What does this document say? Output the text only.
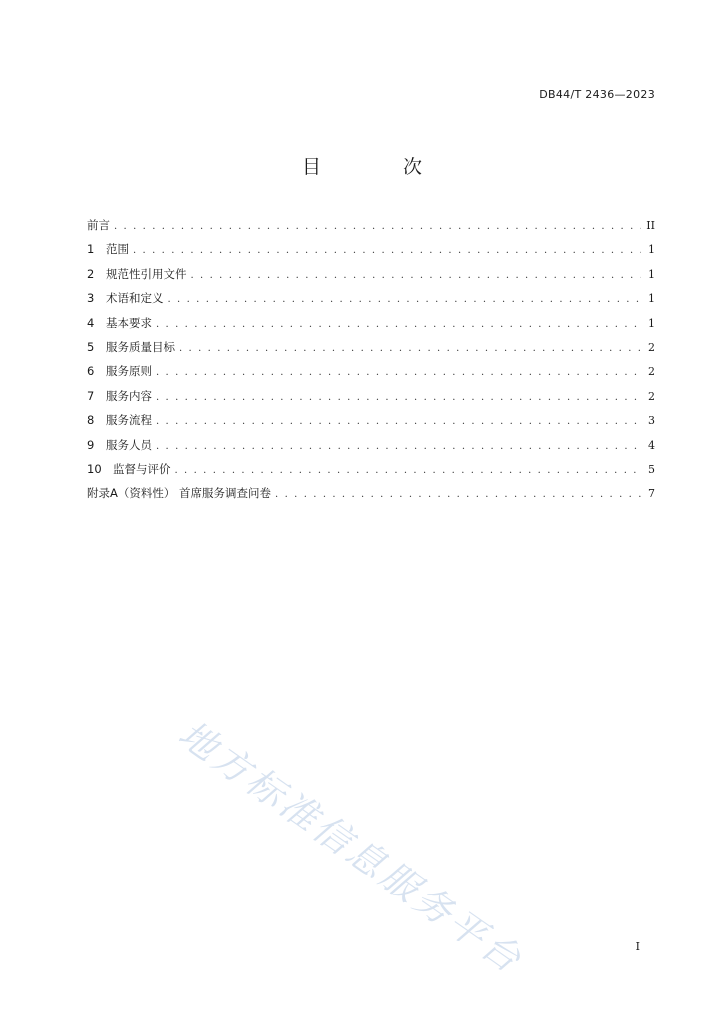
DB44/T 2436—2023
目 次
前言 . . .	II
1 范围 . . .	1
2 规范性引用文件 . . .	1
3 术语和定义 . . .	1
4 基本要求 . . .	1
5 服务质量目标 . . .	2
6 服务原则 . . .	2
7 服务内容 . . .	2
8 服务流程 . . .	3
9 服务人员 . . .	4
10 监督与评价 . . .	5
附录A（资料性） 首席服务调查问卷 . . .	7
地方标准信息服务平台	I
